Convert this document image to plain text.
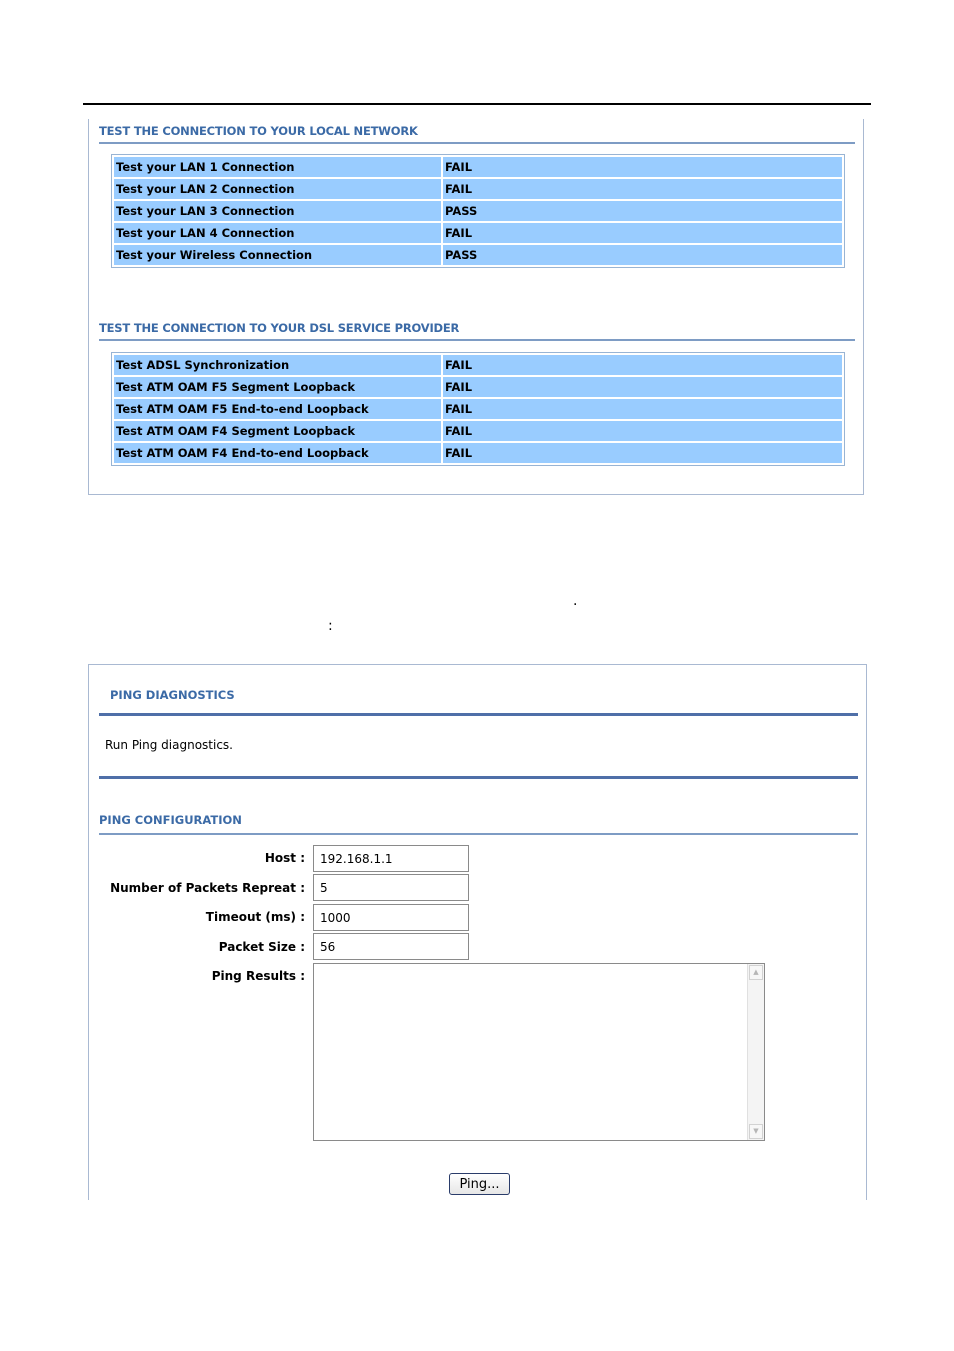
TEST THE CONNECTION TO YOUR LOCAL NETWORK
Test your LAN 1 Connection	FAIL
Test your LAN 2 Connection	FAIL
Test your LAN 3 Connection	PASS
Test your LAN 4 Connection	FAIL
Test your Wireless Connection	PASS
TEST THE CONNECTION TO YOUR DSL SERVICE PROVIDER
Test ADSL Synchronization	FAIL
Test ATM OAM F5 Segment Loopback	FAIL
Test ATM OAM F5 End-to-end Loopback	FAIL
Test ATM OAM F4 Segment Loopback	FAIL
Test ATM OAM F4 End-to-end Loopback	FAIL
.
:
PING DIAGNOSTICS
Run Ping diagnostics.
PING CONFIGURATION
Host :
192.168.1.1
Number of Packets Repreat :
5
Timeout (ms) :
1000
Packet Size :
56
Ping Results :	▲
▼
Ping...
